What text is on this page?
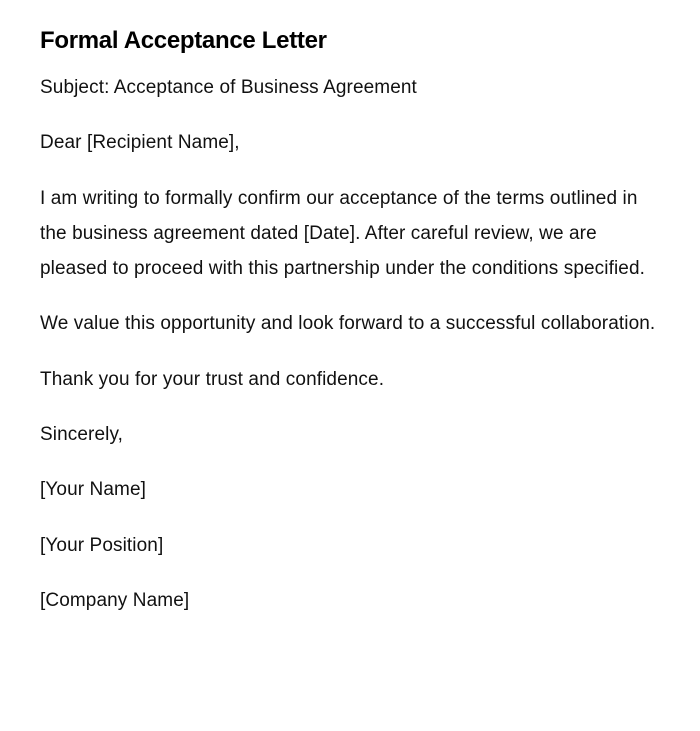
Formal Acceptance Letter

Subject: Acceptance of Business Agreement

Dear [Recipient Name],

I am writing to formally confirm our acceptance of the terms outlined in the business agreement dated [Date]. After careful review, we are pleased to proceed with this partnership under the conditions specified.

We value this opportunity and look forward to a successful collaboration.

Thank you for your trust and confidence.

Sincerely,

[Your Name]

[Your Position]

[Company Name]
